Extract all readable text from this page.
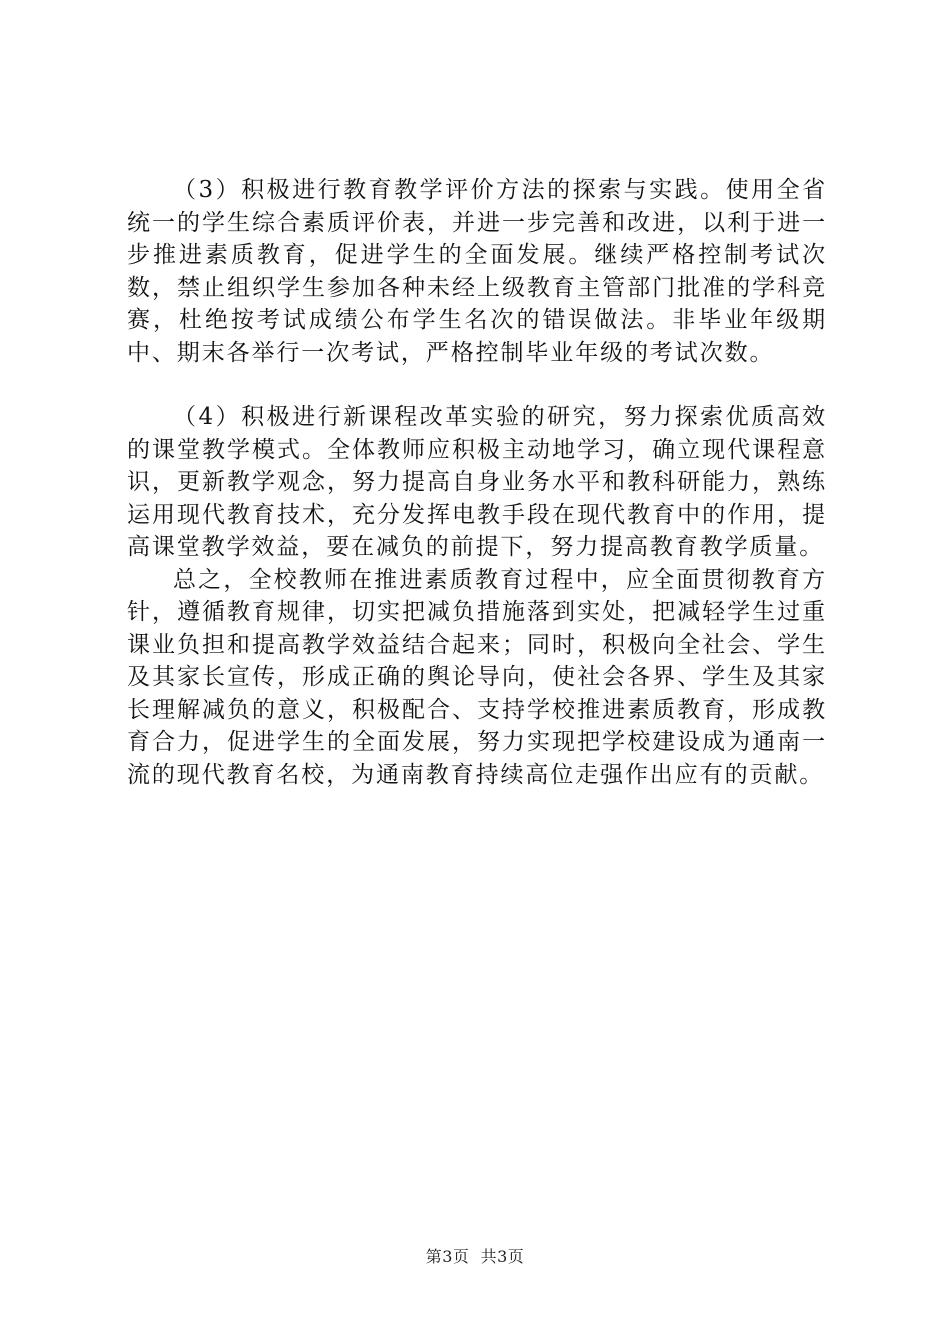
（3）积极进行教育教学评价方法的探索与实践。使用全省统一的学生综合素质评价表，并进一步完善和改进，以利于进一步推进素质教育，促进学生的全面发展。继续严格控制考试次数，禁止组织学生参加各种未经上级教育主管部门批准的学科竞赛，杜绝按考试成绩公布学生名次的错误做法。非毕业年级期中、期末各举行一次考试，严格控制毕业年级的考试次数。

（4）积极进行新课程改革实验的研究，努力探索优质高效的课堂教学模式。全体教师应积极主动地学习，确立现代课程意识，更新教学观念，努力提高自身业务水平和教科研能力，熟练运用现代教育技术，充分发挥电教手段在现代教育中的作用，提高课堂教学效益，要在减负的前提下，努力提高教育教学质量。

总之，全校教师在推进素质教育过程中，应全面贯彻教育方针，遵循教育规律，切实把减负措施落到实处，把减轻学生过重课业负担和提高教学效益结合起来；同时，积极向全社会、学生及其家长宣传，形成正确的舆论导向，使社会各界、学生及其家长理解减负的意义，积极配合、支持学校推进素质教育，形成教育合力，促进学生的全面发展，努力实现把学校建设成为通南一流的现代教育名校，为通南教育持续高位走强作出应有的贡献。

第3页 共3页
